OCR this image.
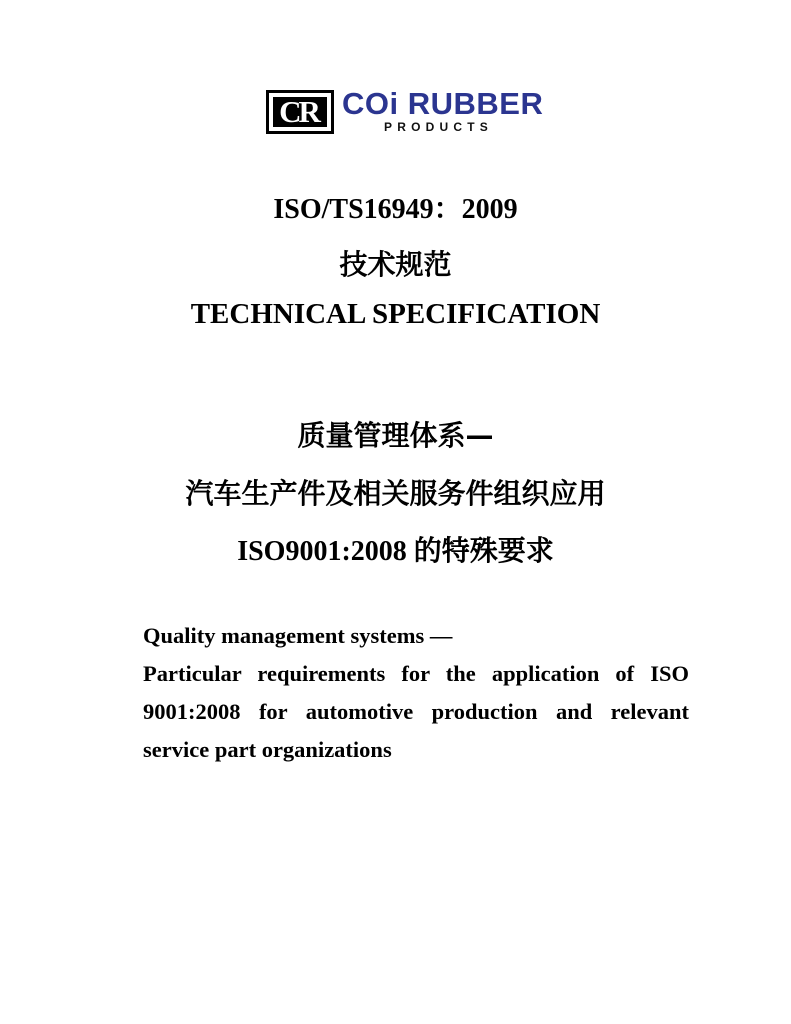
CR COi RUBBER
PRODUCTS
ISO/TS16949：2009
技术规范
TECHNICAL SPECIFICATION
质量管理体系—
汽车生产件及相关服务件组织应用
ISO9001:2008 的特殊要求
Quality management systems —
Particular requirements for the application of ISO 9001:2008 for automotive production and relevant service part organizations
